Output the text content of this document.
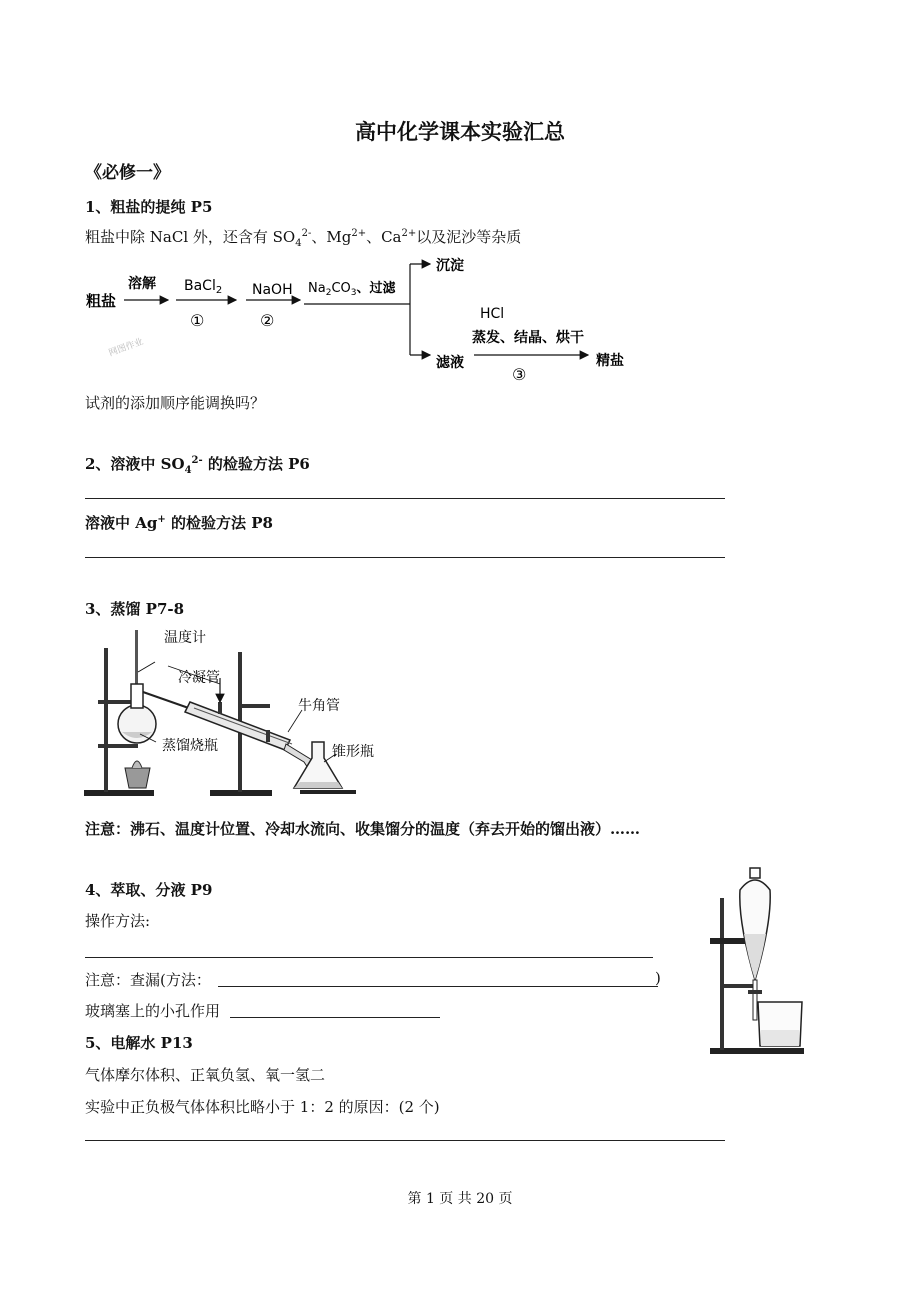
高中化学课本实验汇总
《必修一》
1、粗盐的提纯 P5
粗盐中除 NaCl 外，还含有 $SO_4^{2-}$、$Mg^{2+}$、$Ca^{2+}$以及泥沙等杂质
粗盐
溶解 BaCl$_2$
①
NaOH
②
$Na_2CO_3$、过滤
沉淀
滤液
HCl
蒸发、结晶、烘干
③
精盐
网图作业
试剂的添加顺序能调换吗？
2、溶液中 $SO_4^{2-}$ 的检验方法 P6
溶液中 Ag+ 的检验方法 P8
3、蒸馏 P7-8
温度计
冷凝管
牛角管
蒸馏烧瓶	锥形瓶
注意：沸石、温度计位置、冷却水流向、收集馏分的温度（弃去开始的馏出液）……
4、萃取、分液 P9
操作方法:
注意：查漏(方法：	)
玻璃塞上的小孔作用
5、电解水 P13
气体摩尔体积、正氧负氢、氧一氢二
实验中正负极气体体积比略小于 1：2 的原因：(2 个)
第 1 页 共 20 页
